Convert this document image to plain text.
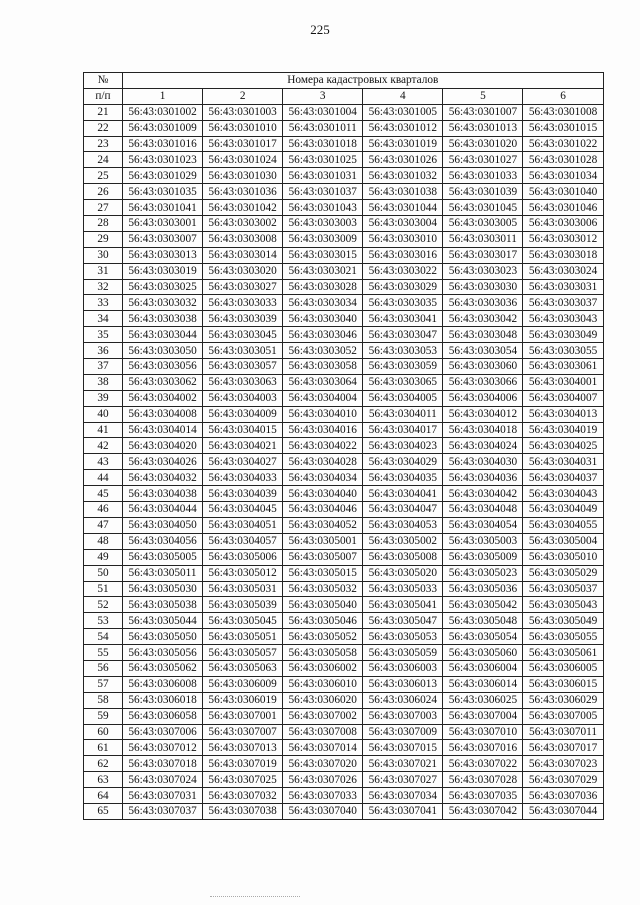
225
№	Номера кадастровых кварталов					
п/п	1	2	3	4	5	6
21	56:43:0301002	56:43:0301003	56:43:0301004	56:43:0301005	56:43:0301007	56:43:0301008
22	56:43:0301009	56:43:0301010	56:43:0301011	56:43:0301012	56:43:0301013	56:43:0301015
23	56:43:0301016	56:43:0301017	56:43:0301018	56:43:0301019	56:43:0301020	56:43:0301022
24	56:43:0301023	56:43:0301024	56:43:0301025	56:43:0301026	56:43:0301027	56:43:0301028
25	56:43:0301029	56:43:0301030	56:43:0301031	56:43:0301032	56:43:0301033	56:43:0301034
26	56:43:0301035	56:43:0301036	56:43:0301037	56:43:0301038	56:43:0301039	56:43:0301040
27	56:43:0301041	56:43:0301042	56:43:0301043	56:43:0301044	56:43:0301045	56:43:0301046
28	56:43:0303001	56:43:0303002	56:43:0303003	56:43:0303004	56:43:0303005	56:43:0303006
29	56:43:0303007	56:43:0303008	56:43:0303009	56:43:0303010	56:43:0303011	56:43:0303012
30	56:43:0303013	56:43:0303014	56:43:0303015	56:43:0303016	56:43:0303017	56:43:0303018
31	56:43:0303019	56:43:0303020	56:43:0303021	56:43:0303022	56:43:0303023	56:43:0303024
32	56:43:0303025	56:43:0303027	56:43:0303028	56:43:0303029	56:43:0303030	56:43:0303031
33	56:43:0303032	56:43:0303033	56:43:0303034	56:43:0303035	56:43:0303036	56:43:0303037
34	56:43:0303038	56:43:0303039	56:43:0303040	56:43:0303041	56:43:0303042	56:43:0303043
35	56:43:0303044	56:43:0303045	56:43:0303046	56:43:0303047	56:43:0303048	56:43:0303049
36	56:43:0303050	56:43:0303051	56:43:0303052	56:43:0303053	56:43:0303054	56:43:0303055
37	56:43:0303056	56:43:0303057	56:43:0303058	56:43:0303059	56:43:0303060	56:43:0303061
38	56:43:0303062	56:43:0303063	56:43:0303064	56:43:0303065	56:43:0303066	56:43:0304001
39	56:43:0304002	56:43:0304003	56:43:0304004	56:43:0304005	56:43:0304006	56:43:0304007
40	56:43:0304008	56:43:0304009	56:43:0304010	56:43:0304011	56:43:0304012	56:43:0304013
41	56:43:0304014	56:43:0304015	56:43:0304016	56:43:0304017	56:43:0304018	56:43:0304019
42	56:43:0304020	56:43:0304021	56:43:0304022	56:43:0304023	56:43:0304024	56:43:0304025
43	56:43:0304026	56:43:0304027	56:43:0304028	56:43:0304029	56:43:0304030	56:43:0304031
44	56:43:0304032	56:43:0304033	56:43:0304034	56:43:0304035	56:43:0304036	56:43:0304037
45	56:43:0304038	56:43:0304039	56:43:0304040	56:43:0304041	56:43:0304042	56:43:0304043
46	56:43:0304044	56:43:0304045	56:43:0304046	56:43:0304047	56:43:0304048	56:43:0304049
47	56:43:0304050	56:43:0304051	56:43:0304052	56:43:0304053	56:43:0304054	56:43:0304055
48	56:43:0304056	56:43:0304057	56:43:0305001	56:43:0305002	56:43:0305003	56:43:0305004
49	56:43:0305005	56:43:0305006	56:43:0305007	56:43:0305008	56:43:0305009	56:43:0305010
50	56:43:0305011	56:43:0305012	56:43:0305015	56:43:0305020	56:43:0305023	56:43:0305029
51	56:43:0305030	56:43:0305031	56:43:0305032	56:43:0305033	56:43:0305036	56:43:0305037
52	56:43:0305038	56:43:0305039	56:43:0305040	56:43:0305041	56:43:0305042	56:43:0305043
53	56:43:0305044	56:43:0305045	56:43:0305046	56:43:0305047	56:43:0305048	56:43:0305049
54	56:43:0305050	56:43:0305051	56:43:0305052	56:43:0305053	56:43:0305054	56:43:0305055
55	56:43:0305056	56:43:0305057	56:43:0305058	56:43:0305059	56:43:0305060	56:43:0305061
56	56:43:0305062	56:43:0305063	56:43:0306002	56:43:0306003	56:43:0306004	56:43:0306005
57	56:43:0306008	56:43:0306009	56:43:0306010	56:43:0306013	56:43:0306014	56:43:0306015
58	56:43:0306018	56:43:0306019	56:43:0306020	56:43:0306024	56:43:0306025	56:43:0306029
59	56:43:0306058	56:43:0307001	56:43:0307002	56:43:0307003	56:43:0307004	56:43:0307005
60	56:43:0307006	56:43:0307007	56:43:0307008	56:43:0307009	56:43:0307010	56:43:0307011
61	56:43:0307012	56:43:0307013	56:43:0307014	56:43:0307015	56:43:0307016	56:43:0307017
62	56:43:0307018	56:43:0307019	56:43:0307020	56:43:0307021	56:43:0307022	56:43:0307023
63	56:43:0307024	56:43:0307025	56:43:0307026	56:43:0307027	56:43:0307028	56:43:0307029
64	56:43:0307031	56:43:0307032	56:43:0307033	56:43:0307034	56:43:0307035	56:43:0307036
65	56:43:0307037	56:43:0307038	56:43:0307040	56:43:0307041	56:43:0307042	56:43:0307044
